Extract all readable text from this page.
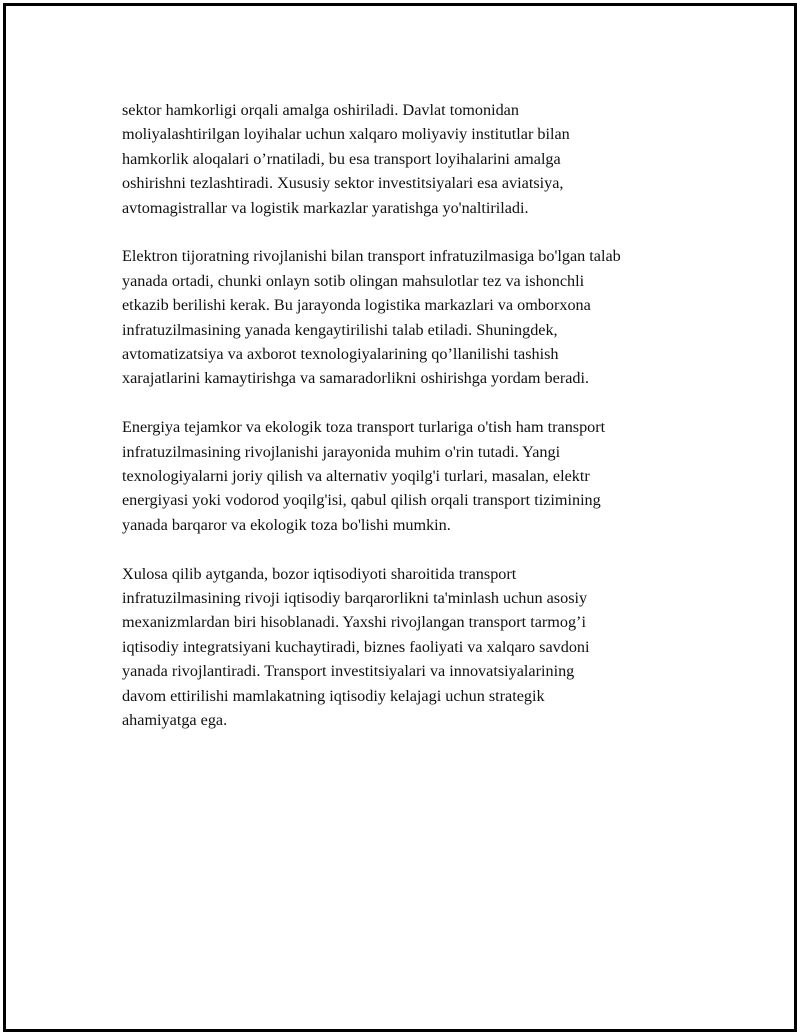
sektor hamkorligi orqali amalga oshiriladi. Davlat tomonidan
moliyalashtirilgan loyihalar uchun xalqaro moliyaviy institutlar bilan
hamkorlik aloqalari o’rnatiladi, bu esa transport loyihalarini amalga
oshirishni tezlashtiradi. Xususiy sektor investitsiyalari esa aviatsiya,
avtomagistrallar va logistik markazlar yaratishga yo'naltiriladi.

Elektron tijoratning rivojlanishi bilan transport infratuzilmasiga bo'lgan talab
yanada ortadi, chunki onlayn sotib olingan mahsulotlar tez va ishonchli
etkazib berilishi kerak. Bu jarayonda logistika markazlari va omborxona
infratuzilmasining yanada kengaytirilishi talab etiladi. Shuningdek,
avtomatizatsiya va axborot texnologiyalarining qo’llanilishi tashish
xarajatlarini kamaytirishga va samaradorlikni oshirishga yordam beradi.

Energiya tejamkor va ekologik toza transport turlariga o'tish ham transport
infratuzilmasining rivojlanishi jarayonida muhim o'rin tutadi. Yangi
texnologiyalarni joriy qilish va alternativ yoqilg'i turlari, masalan, elektr
energiyasi yoki vodorod yoqilg'isi, qabul qilish orqali transport tizimining
yanada barqaror va ekologik toza bo'lishi mumkin.

Xulosa qilib aytganda, bozor iqtisodiyoti sharoitida transport
infratuzilmasining rivoji iqtisodiy barqarorlikni ta'minlash uchun asosiy
mexanizmlardan biri hisoblanadi. Yaxshi rivojlangan transport tarmog’i
iqtisodiy integratsiyani kuchaytiradi, biznes faoliyati va xalqaro savdoni
yanada rivojlantiradi. Transport investitsiyalari va innovatsiyalarining
davom ettirilishi mamlakatning iqtisodiy kelajagi uchun strategik
ahamiyatga ega.
